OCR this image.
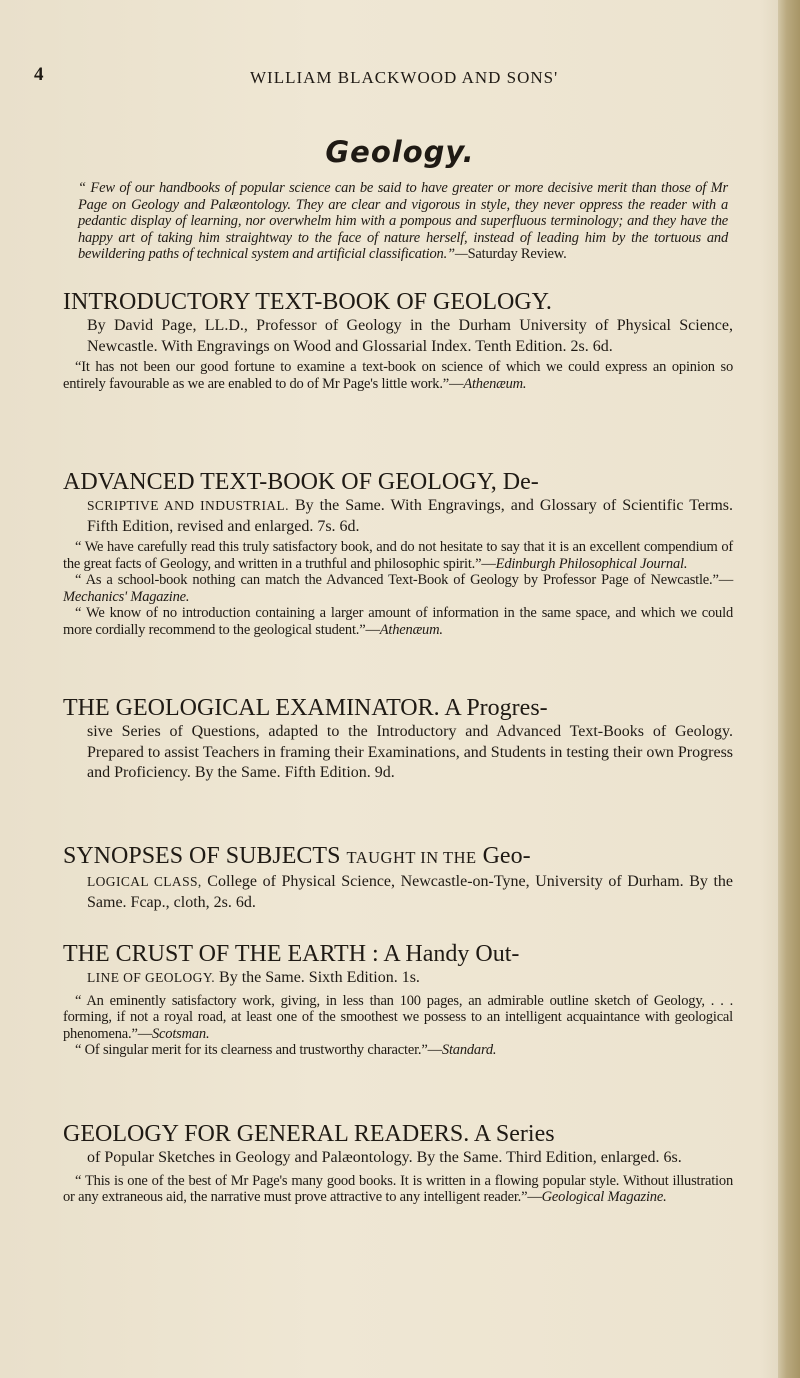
4	WILLIAM BLACKWOOD AND SONS'
Geology.

“ Few of our handbooks of popular science can be said to have greater or more decisive merit than those of Mr Page on Geology and Palæontology. They are clear and vigorous in style, they never oppress the reader with a pedantic display of learning, nor overwhelm him with a pompous and superfluous terminology; and they have the happy art of taking him straightway to the face of nature herself, instead of leading him by the tortuous and bewildering paths of technical system and artificial classification.”—Saturday Review.

INTRODUCTORY TEXT-BOOK OF GEOLOGY.

By David Page, LL.D., Professor of Geology in the Durham University of Physical Science, Newcastle. With Engravings on Wood and Glossarial Index. Tenth Edition. 2s. 6d.

“It has not been our good fortune to examine a text-book on science of which we could express an opinion so entirely favourable as we are enabled to do of Mr Page's little work.”—Athenæum.

ADVANCED TEXT-BOOK OF GEOLOGY, De-

SCRIPTIVE AND INDUSTRIAL. By the Same. With Engravings, and Glossary of Scientific Terms. Fifth Edition, revised and enlarged. 7s. 6d.

“ We have carefully read this truly satisfactory book, and do not hesitate to say that it is an excellent compendium of the great facts of Geology, and written in a truthful and philosophic spirit.”—Edinburgh Philosophical Journal.

“ As a school-book nothing can match the Advanced Text-Book of Geology by Professor Page of Newcastle.”—Mechanics' Magazine.

“ We know of no introduction containing a larger amount of information in the same space, and which we could more cordially recommend to the geological student.”—Athenæum.

THE GEOLOGICAL EXAMINATOR. A Progres-

sive Series of Questions, adapted to the Introductory and Advanced Text-Books of Geology. Prepared to assist Teachers in framing their Examinations, and Students in testing their own Progress and Proficiency. By the Same. Fifth Edition. 9d.

SYNOPSES OF SUBJECTS TAUGHT IN THE Geo-

LOGICAL CLASS, College of Physical Science, Newcastle-on-Tyne, University of Durham. By the Same. Fcap., cloth, 2s. 6d.

THE CRUST OF THE EARTH : A Handy Out-

LINE OF GEOLOGY. By the Same. Sixth Edition. 1s.

“ An eminently satisfactory work, giving, in less than 100 pages, an admirable outline sketch of Geology, . . . forming, if not a royal road, at least one of the smoothest we possess to an intelligent acquaintance with geological phenomena.”—Scotsman.

“ Of singular merit for its clearness and trustworthy character.”—Standard.

GEOLOGY FOR GENERAL READERS. A Series

of Popular Sketches in Geology and Palæontology. By the Same. Third Edition, enlarged. 6s.

“ This is one of the best of Mr Page's many good books. It is written in a flowing popular style. Without illustration or any extraneous aid, the narrative must prove attractive to any intelligent reader.”—Geological Magazine.
